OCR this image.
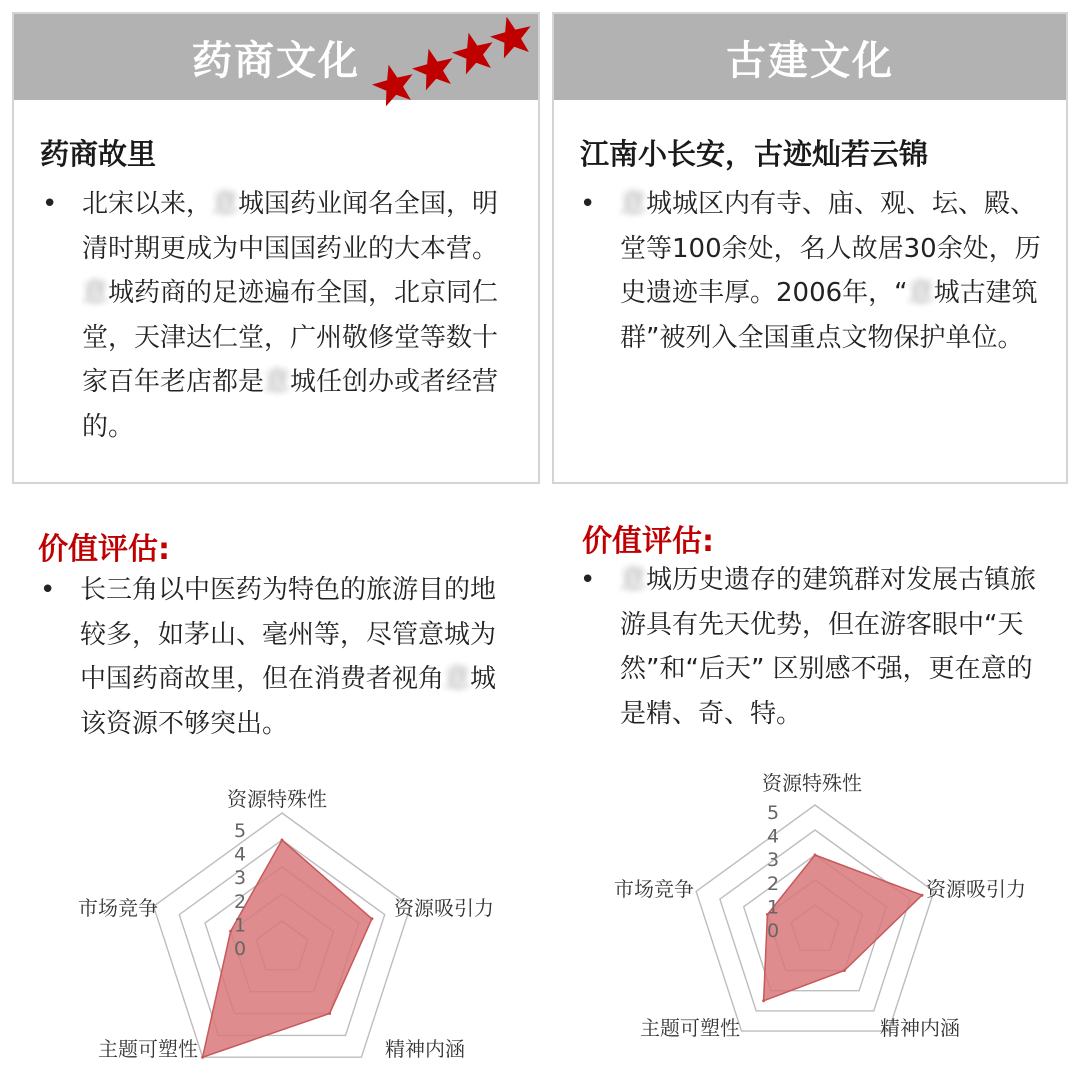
药商文化
药商故里
• 北宋以来，意城国药业闻名全国，明清时期更成为中国国药业的大本营。意城药商的足迹遍布全国，北京同仁堂，天津达仁堂，广州敬修堂等数十家百年老店都是意城任创办或者经营的。
古建文化
江南小长安，古迹灿若云锦
• 意城城区内有寺、庙、观、坛、殿、堂等100余处，名人故居30余处，历史遗迹丰厚。2006年，“意城古建筑群”被列入全国重点文物保护单位。
价值评估:
• 长三角以中医药为特色的旅游目的地较多，如茅山、毫州等，尽管意城为中国药商故里，但在消费者视角意城该资源不够突出。
价值评估:
• 意城历史遗存的建筑群对发展古镇旅游具有先天优势，但在游客眼中“天然”和“后天” 区别感不强，更在意的是精、奇、特。
0
1
2
3
4
5
资源特殊性
资源吸引力
精神内涵
主题可塑性
市场竞争
0
1
2
3
4
5
资源特殊性
资源吸引力
精神内涵
主题可塑性
市场竞争
